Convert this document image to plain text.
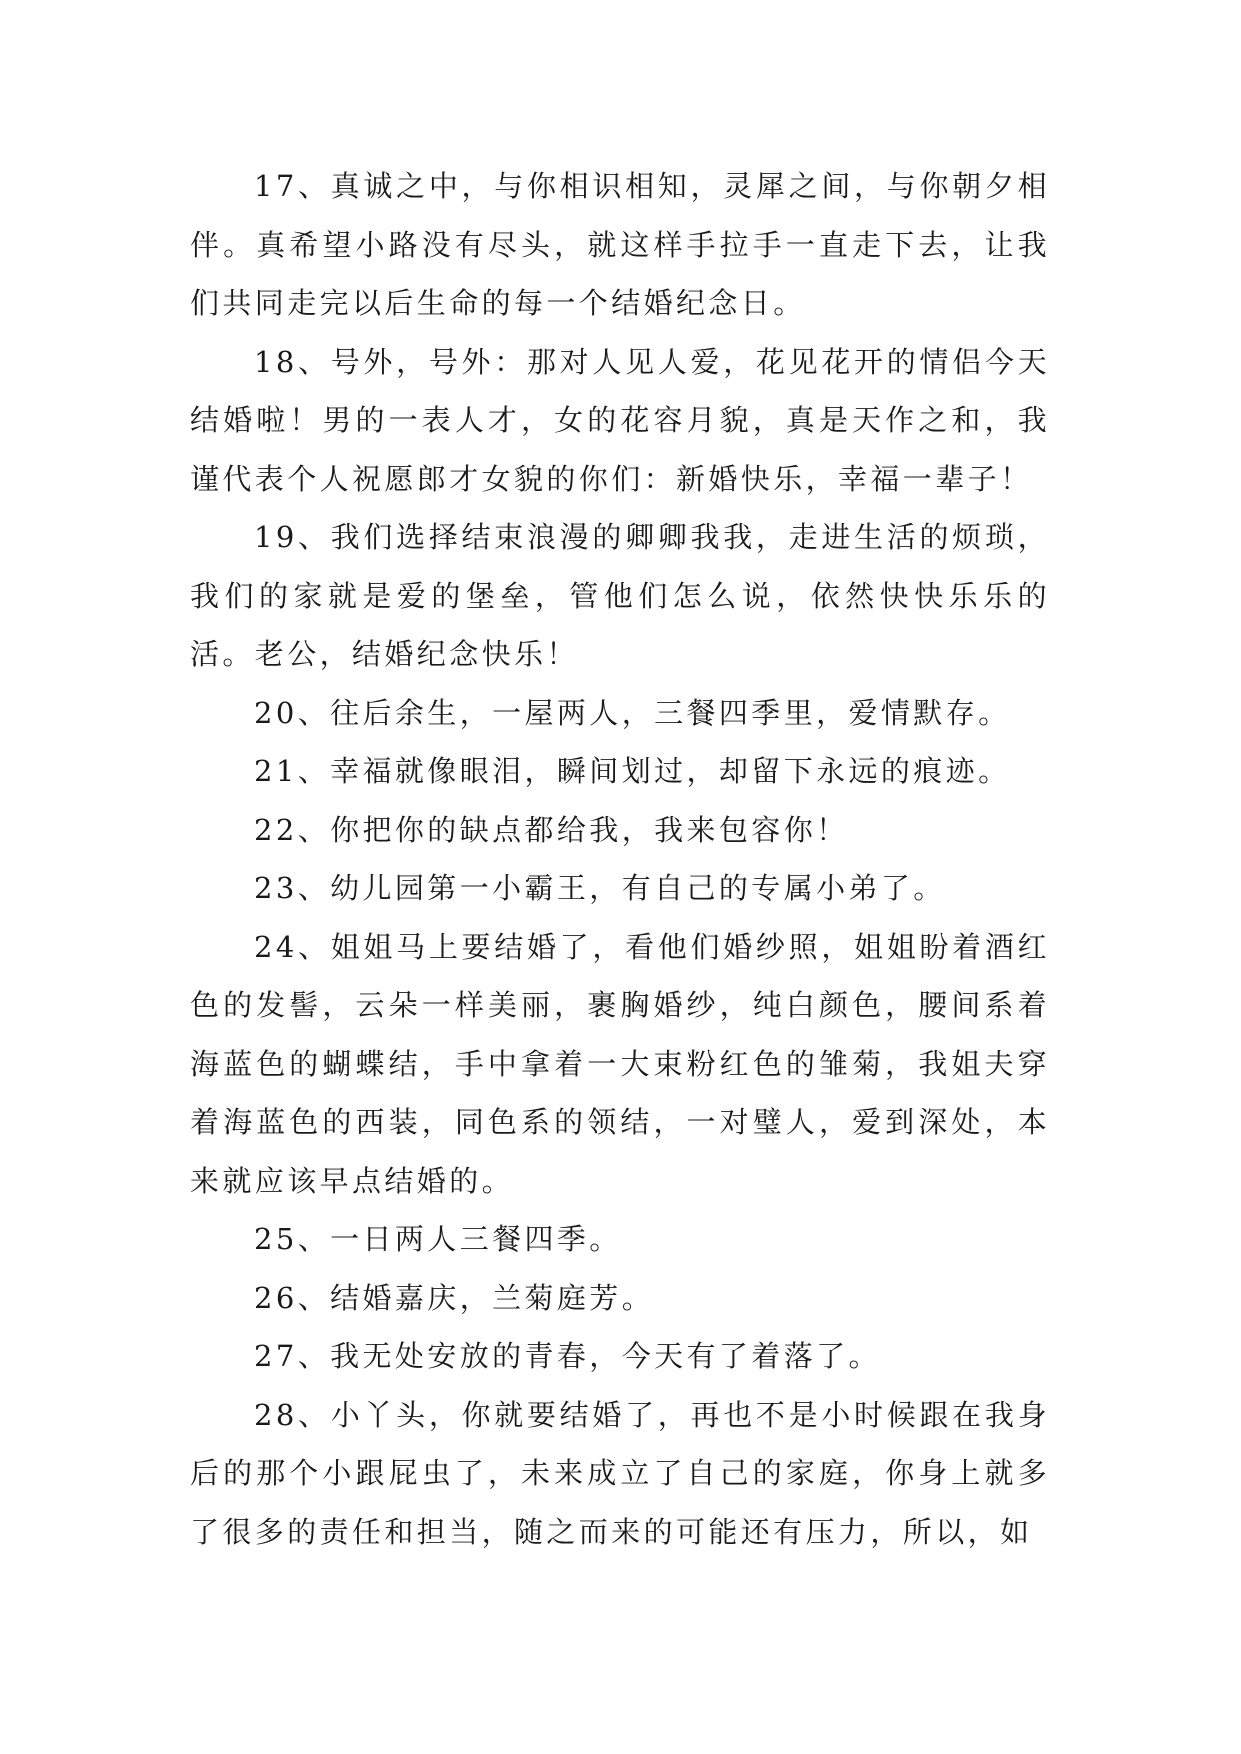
17、真诚之中，与你相识相知，灵犀之间，与你朝夕相伴。真希望小路没有尽头，就这样手拉手一直走下去，让我们共同走完以后生命的每一个结婚纪念日。

18、号外，号外：那对人见人爱，花见花开的情侣今天结婚啦！男的一表人才，女的花容月貌，真是天作之和，我谨代表个人祝愿郎才女貌的你们：新婚快乐，幸福一辈子！

19、我们选择结束浪漫的卿卿我我，走进生活的烦琐，我们的家就是爱的堡垒，管他们怎么说，依然快快乐乐的活。老公，结婚纪念快乐！

20、往后余生，一屋两人，三餐四季里，爱情默存。

21、幸福就像眼泪，瞬间划过，却留下永远的痕迹。

22、你把你的缺点都给我，我来包容你！

23、幼儿园第一小霸王，有自己的专属小弟了。

24、姐姐马上要结婚了，看他们婚纱照，姐姐盼着酒红色的发髻，云朵一样美丽，裹胸婚纱，纯白颜色，腰间系着海蓝色的蝴蝶结，手中拿着一大束粉红色的雏菊，我姐夫穿着海蓝色的西装，同色系的领结，一对璧人，爱到深处，本来就应该早点结婚的。

25、一日两人三餐四季。

26、结婚嘉庆，兰菊庭芳。

27、我无处安放的青春，今天有了着落了。

28、小丫头，你就要结婚了，再也不是小时候跟在我身后的那个小跟屁虫了，未来成立了自己的家庭，你身上就多了很多的责任和担当，随之而来的可能还有压力，所以，如
